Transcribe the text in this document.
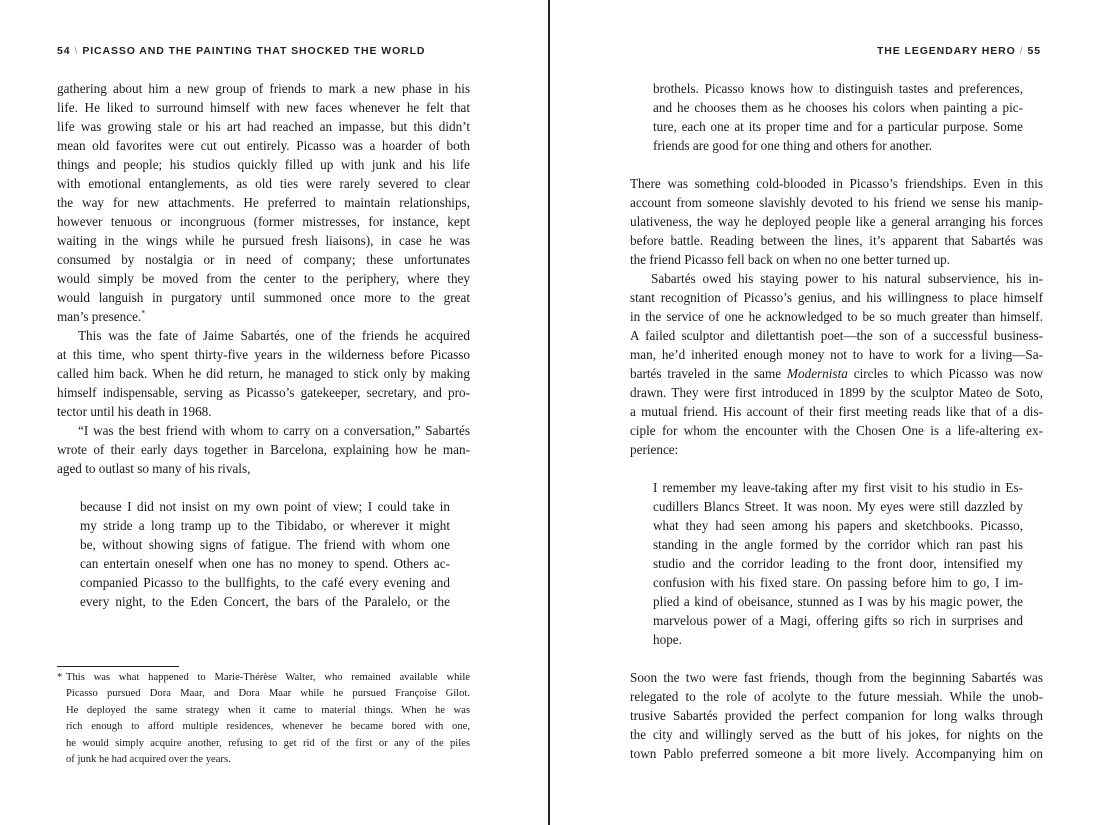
54 \ PICASSO AND THE PAINTING THAT SHOCKED THE WORLD

gathering about him a new group of friends to mark a new phase in his
life. He liked to surround himself with new faces whenever he felt that
life was growing stale or his art had reached an impasse, but this didn’t
mean old favorites were cut out entirely. Picasso was a hoarder of both
things and people; his studios quickly filled up with junk and his life
with emotional entanglements, as old ties were rarely severed to clear
the way for new attachments. He preferred to maintain relationships,
however tenuous or incongruous (former mistresses, for instance, kept
waiting in the wings while he pursued fresh liaisons), in case he was
consumed by nostalgia or in need of company; these unfortunates
would simply be moved from the center to the periphery, where they
would languish in purgatory until summoned once more to the great
man’s presence.*

This was the fate of Jaime Sabartés, one of the friends he acquired
at this time, who spent thirty-five years in the wilderness before Picasso
called him back. When he did return, he managed to stick only by making
himself indispensable, serving as Picasso’s gatekeeper, secretary, and pro-
tector until his death in 1968.

“I was the best friend with whom to carry on a conversation,” Sabartés
wrote of their early days together in Barcelona, explaining how he man-
aged to outlast so many of his rivals,

because I did not insist on my own point of view; I could take in
my stride a long tramp up to the Tibidabo, or wherever it might
be, without showing signs of fatigue. The friend with whom one
can entertain oneself when one has no money to spend. Others ac-
companied Picasso to the bullfights, to the café every evening and
every night, to the Eden Concert, the bars of the Paralelo, or the
* This was what happened to Marie-Thérèse Walter, who remained available while
Picasso pursued Dora Maar, and Dora Maar while he pursued Françoise Gilot.
He deployed the same strategy when it came to material things. When he was
rich enough to afford multiple residences, whenever he became bored with one,
he would simply acquire another, refusing to get rid of the first or any of the piles
of junk he had acquired over the years.
THE LEGENDARY HERO / 55
brothels. Picasso knows how to distinguish tastes and preferences,
and he chooses them as he chooses his colors when painting a pic-
ture, each one at its proper time and for a particular purpose. Some
friends are good for one thing and others for another.

There was something cold-blooded in Picasso’s friendships. Even in this
account from someone slavishly devoted to his friend we sense his manip-
ulativeness, the way he deployed people like a general arranging his forces
before battle. Reading between the lines, it’s apparent that Sabartés was
the friend Picasso fell back on when no one better turned up.

Sabartés owed his staying power to his natural subservience, his in-
stant recognition of Picasso’s genius, and his willingness to place himself
in the service of one he acknowledged to be so much greater than himself.
A failed sculptor and dilettantish poet—the son of a successful business-
man, he’d inherited enough money not to have to work for a living—Sa-
bartés traveled in the same Modernista circles to which Picasso was now
drawn. They were first introduced in 1899 by the sculptor Mateo de Soto,
a mutual friend. His account of their first meeting reads like that of a dis-
ciple for whom the encounter with the Chosen One is a life-altering ex-
perience:

I remember my leave-taking after my first visit to his studio in Es-
cudillers Blancs Street. It was noon. My eyes were still dazzled by
what they had seen among his papers and sketchbooks. Picasso,
standing in the angle formed by the corridor which ran past his
studio and the corridor leading to the front door, intensified my
confusion with his fixed stare. On passing before him to go, I im-
plied a kind of obeisance, stunned as I was by his magic power, the
marvelous power of a Magi, offering gifts so rich in surprises and
hope.

Soon the two were fast friends, though from the beginning Sabartés was
relegated to the role of acolyte to the future messiah. While the unob-
trusive Sabartés provided the perfect companion for long walks through
the city and willingly served as the butt of his jokes, for nights on the
town Pablo preferred someone a bit more lively. Accompanying him on
